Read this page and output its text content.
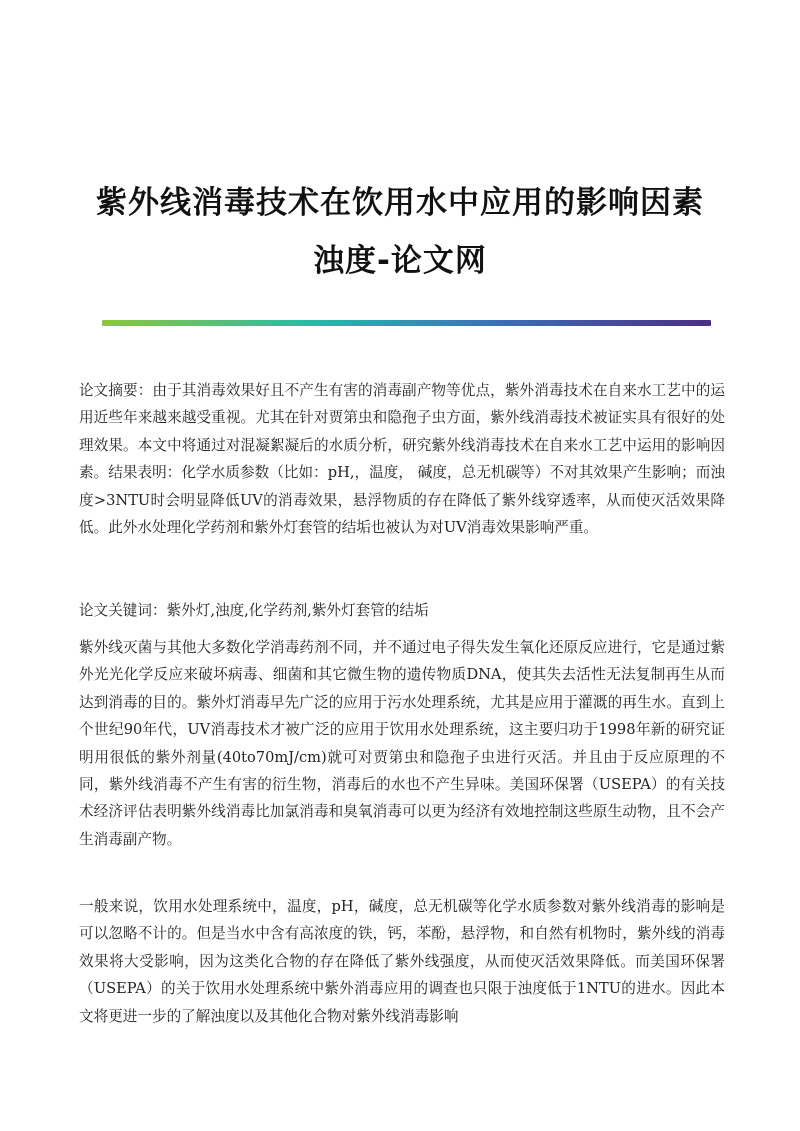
紫外线消毒技术在饮用水中应用的影响因素
浊度-论文网

论文摘要：由于其消毒效果好且不产生有害的消毒副产物等优点，紫外消毒技术在自来水工艺中的运用近些年来越来越受重视。尤其在针对贾第虫和隐孢子虫方面，紫外线消毒技术被证实具有很好的处理效果。本文中将通过对混凝絮凝后的水质分析，研究紫外线消毒技术在自来水工艺中运用的影响因素。结果表明：化学水质参数（比如：pH,，温度， 碱度，总无机碳等）不对其效果产生影响；而浊度>3NTU时会明显降低UV的消毒效果，悬浮物质的存在降低了紫外线穿透率，从而使灭活效果降低。此外水处理化学药剂和紫外灯套管的结垢也被认为对UV消毒效果影响严重。

论文关键词：紫外灯,浊度,化学药剂,紫外灯套管的结垢

紫外线灭菌与其他大多数化学消毒药剂不同，并不通过电子得失发生氧化还原反应进行，它是通过紫外光光化学反应来破坏病毒、细菌和其它微生物的遗传物质DNA，使其失去活性无法复制再生从而达到消毒的目的。紫外灯消毒早先广泛的应用于污水处理系统，尤其是应用于灌溉的再生水。直到上个世纪90年代，UV消毒技术才被广泛的应用于饮用水处理系统，这主要归功于1998年新的研究证明用很低的紫外剂量(40to70mJ/cm)就可对贾第虫和隐孢子虫进行灭活。并且由于反应原理的不同，紫外线消毒不产生有害的衍生物，消毒后的水也不产生异味。美国环保署（USEPA）的有关技术经济评估表明紫外线消毒比加氯消毒和臭氧消毒可以更为经济有效地控制这些原生动物，且不会产生消毒副产物。

一般来说，饮用水处理系统中，温度，pH，碱度，总无机碳等化学水质参数对紫外线消毒的影响是可以忽略不计的。但是当水中含有高浓度的铁，钙，苯酚，悬浮物，和自然有机物时，紫外线的消毒效果将大受影响，因为这类化合物的存在降低了紫外线强度，从而使灭活效果降低。而美国环保署（USEPA）的关于饮用水处理系统中紫外消毒应用的调查也只限于浊度低于1NTU的进水。因此本文将更进一步的了解浊度以及其他化合物对紫外线消毒影响
